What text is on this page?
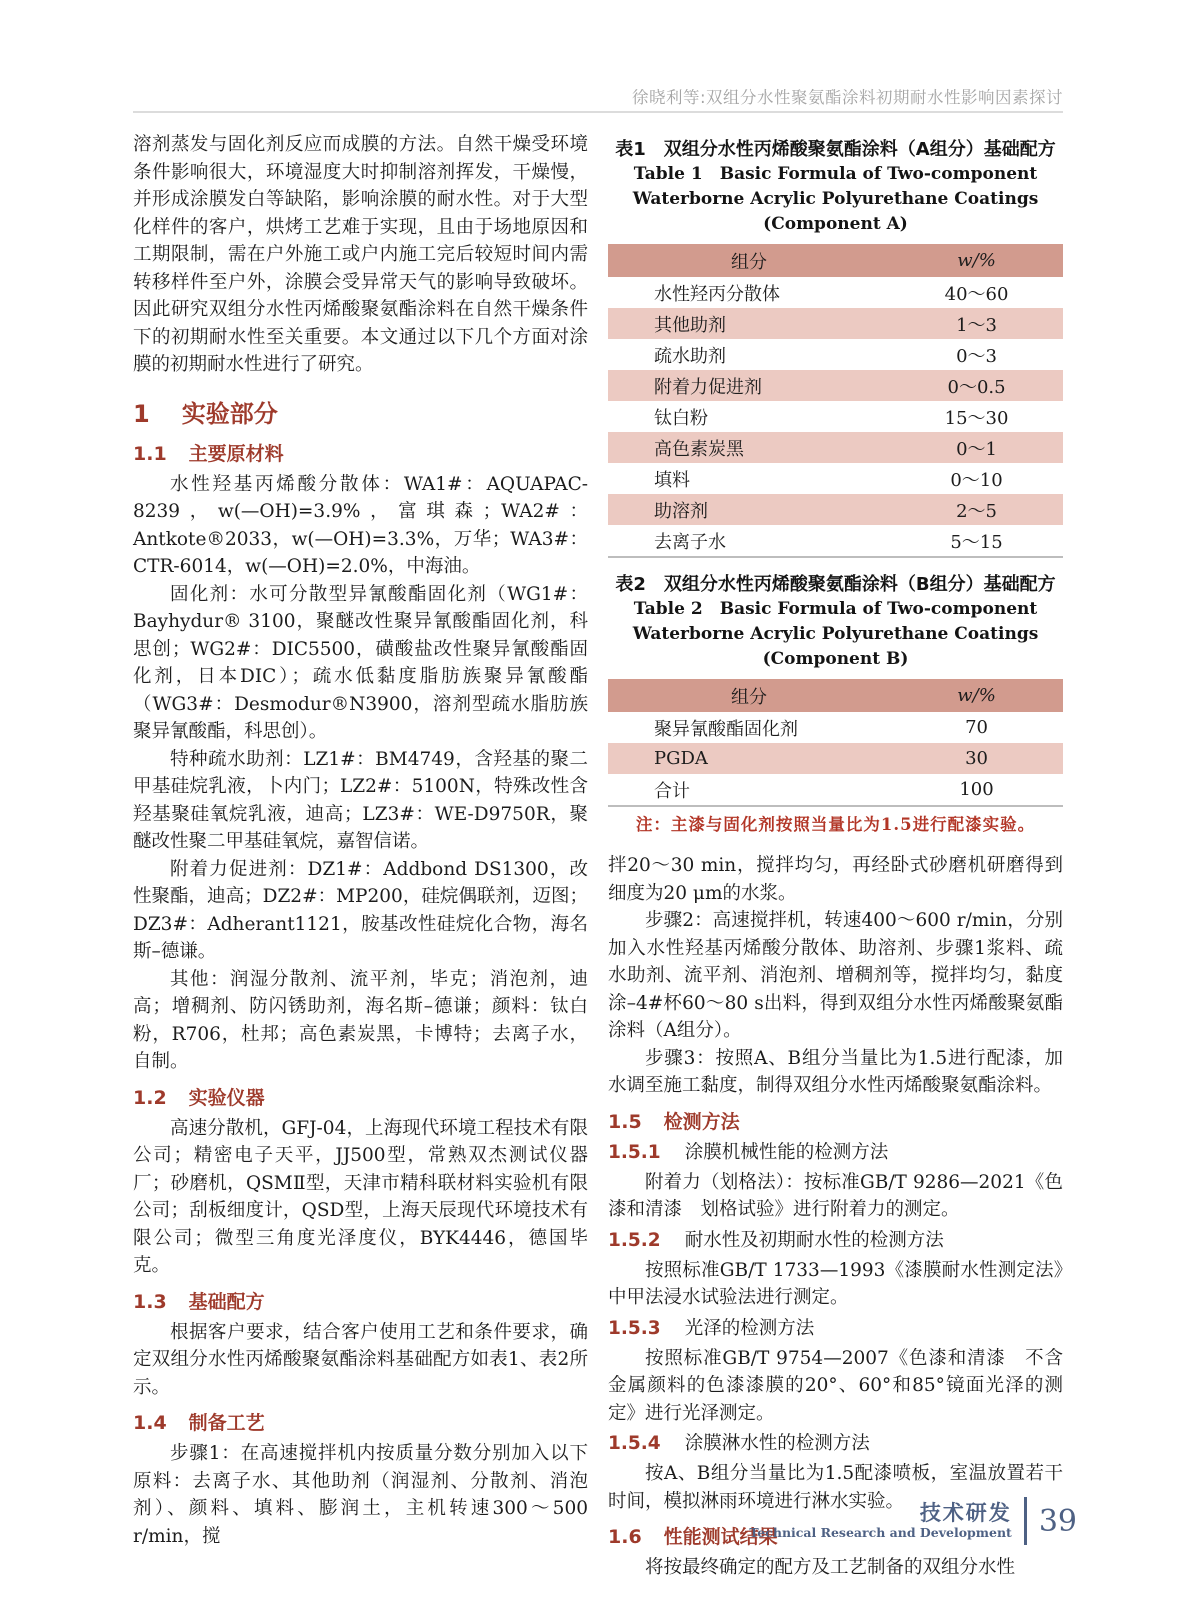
徐晓利等:双组分水性聚氨酯涂料初期耐水性影响因素探讨

溶剂蒸发与固化剂反应而成膜的方法。自然干燥受环境条件影响很大，环境湿度大时抑制溶剂挥发，干燥慢，并形成涂膜发白等缺陷，影响涂膜的耐水性。对于大型化样件的客户，烘烤工艺难于实现，且由于场地原因和工期限制，需在户外施工或户内施工完后较短时间内需转移样件至户外，涂膜会受异常天气的影响导致破坏。因此研究双组分水性丙烯酸聚氨酯涂料在自然干燥条件下的初期耐水性至关重要。本文通过以下几个方面对涂膜的初期耐水性进行了研究。

1 实验部分
1.1 主要原材料

水性羟基丙烯酸分散体：WA1#：AQUAPAC-8239，w(—OH)=3.9%，富琪森；WA2#：Antkote®2033，w(—OH)=3.3%，万华；WA3#：CTR-6014，w(—OH)=2.0%，中海油。

固化剂：水可分散型异氰酸酯固化剂（WG1#：Bayhydur® 3100，聚醚改性聚异氰酸酯固化剂，科思创；WG2#：DIC5500，磺酸盐改性聚异氰酸酯固化剂，日本DIC）；疏水低黏度脂肪族聚异氰酸酯（WG3#：Desmodur®N3900，溶剂型疏水脂肪族聚异氰酸酯，科思创）。

特种疏水助剂：LZ1#：BM4749，含羟基的聚二甲基硅烷乳液，卜内门；LZ2#：5100N，特殊改性含羟基聚硅氧烷乳液，迪高；LZ3#：WE-D9750R，聚醚改性聚二甲基硅氧烷，嘉智信诺。

附着力促进剂：DZ1#：Addbond DS1300，改性聚酯，迪高；DZ2#：MP200，硅烷偶联剂，迈图；DZ3#：Adherant1121，胺基改性硅烷化合物，海名斯–德谦。

其他：润湿分散剂、流平剂，毕克；消泡剂，迪高；增稠剂、防闪锈助剂，海名斯–德谦；颜料：钛白粉，R706，杜邦；高色素炭黑，卡博特；去离子水，自制。

1.2 实验仪器

高速分散机，GFJ-04，上海现代环境工程技术有限公司；精密电子天平，JJ500型，常熟双杰测试仪器厂；砂磨机，QSMⅡ型，天津市精科联材料实验机有限公司；刮板细度计，QSD型，上海天辰现代环境技术有限公司；微型三角度光泽度仪，BYK4446，德国毕克。

1.3 基础配方

根据客户要求，结合客户使用工艺和条件要求，确定双组分水性丙烯酸聚氨酯涂料基础配方如表1、表2所示。

1.4 制备工艺

步骤1：在高速搅拌机内按质量分数分别加入以下原料：去离子水、其他助剂（润湿剂、分散剂、消泡剂）、颜料、填料、膨润土，主机转速300～500 r/min，搅

表1　双组分水性丙烯酸聚氨酯涂料（A组分）基础配方
Table 1　Basic Formula of Two-component Waterborne Acrylic Polyurethane Coatings (Component A)
组分	w/%
水性羟丙分散体	40～60
其他助剂	1～3
疏水助剂	0～3
附着力促进剂	0～0.5
钛白粉	15～30
高色素炭黑	0～1
填料	0～10
助溶剂	2～5
去离子水	5～15
表2　双组分水性丙烯酸聚氨酯涂料（B组分）基础配方
Table 2　Basic Formula of Two-component Waterborne Acrylic Polyurethane Coatings (Component B)
组分	w/%
聚异氰酸酯固化剂	70
PGDA	30
合计	100
注：主漆与固化剂按照当量比为1.5进行配漆实验。

拌20～30 min，搅拌均匀，再经卧式砂磨机研磨得到细度为20 μm的水浆。

步骤2：高速搅拌机，转速400～600 r/min，分别加入水性羟基丙烯酸分散体、助溶剂、步骤1浆料、疏水助剂、流平剂、消泡剂、增稠剂等，搅拌均匀，黏度涂–4#杯60～80 s出料，得到双组分水性丙烯酸聚氨酯涂料（A组分）。

步骤3：按照A、B组分当量比为1.5进行配漆，加水调至施工黏度，制得双组分水性丙烯酸聚氨酯涂料。

1.5 检测方法
1.5.1 涂膜机械性能的检测方法

附着力（划格法）：按标准GB/T 9286—2021《色漆和清漆　划格试验》进行附着力的测定。

1.5.2 耐水性及初期耐水性的检测方法

按照标准GB/T 1733—1993《漆膜耐水性测定法》中甲法浸水试验法进行测定。

1.5.3 光泽的检测方法

按照标准GB/T 9754—2007《色漆和清漆　不含金属颜料的色漆漆膜的20°、60°和85°镜面光泽的测定》进行光泽测定。

1.5.4 涂膜淋水性的检测方法

按A、B组分当量比为1.5配漆喷板，室温放置若干时间，模拟淋雨环境进行淋水实验。

1.6 性能测试结果

将按最终确定的配方及工艺制备的双组分水性

技术研发
Technical Research and Development 39
